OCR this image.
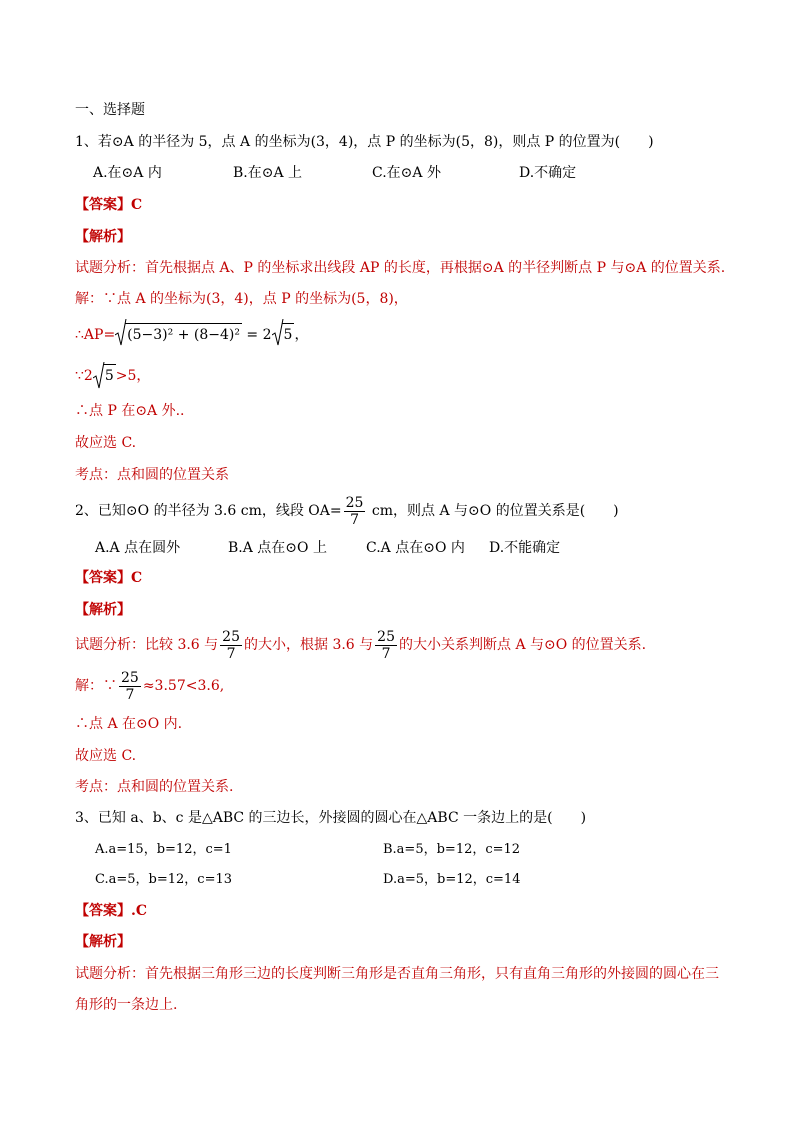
一、选择题
1、若⊙A 的半径为 5，点 A 的坐标为(3，4)，点 P 的坐标为(5，8)，则点 P 的位置为(　　)
A.在⊙A 内	B.在⊙A 上	C.在⊙A 外	D.不确定
【答案】C
【解析】
试题分析：首先根据点 A、P 的坐标求出线段 AP 的长度，再根据⊙A 的半径判断点 P 与⊙A 的位置关系.
解：∵点 A 的坐标为(3，4)，点 P 的坐标为(5，8)，
∴AP= (5−3)² + (8−4)² = 2 5 ，
∵2 5 >5，
∴点 P 在⊙A 外..
故应选 C.
考点：点和圆的位置关系
2、已知⊙O 的半径为 3.6 cm，线段 $OA= \frac{25}{7}$ cm，则点 A 与⊙O 的位置关系是(　　)
A.A 点在圆外	B.A 点在⊙O 上	C.A 点在⊙O 内 D.不能确定
【答案】C
【解析】
试题分析：比较 3.6 与 $\frac{25}{7}$ 的大小，根据 3.6 与 $\frac{25}{7}$ 的大小关系判断点 A 与⊙O 的位置关系.
解：∵ $\frac{25}{7} \approx 3.57<3.6$,
∴点 A 在⊙O 内.
故应选 C.
考点：点和圆的位置关系.
3、已知 a、b、c 是△ABC 的三边长，外接圆的圆心在△ABC 一条边上的是(　　)
A.a=15，b=12，c=1	B.a=5，b=12，c=12
C.a=5，b=12，c=13	D.a=5，b=12，c=14
【答案】.C
【解析】
试题分析：首先根据三角形三边的长度判断三角形是否直角三角形，只有直角三角形的外接圆的圆心在三
角形的一条边上.
